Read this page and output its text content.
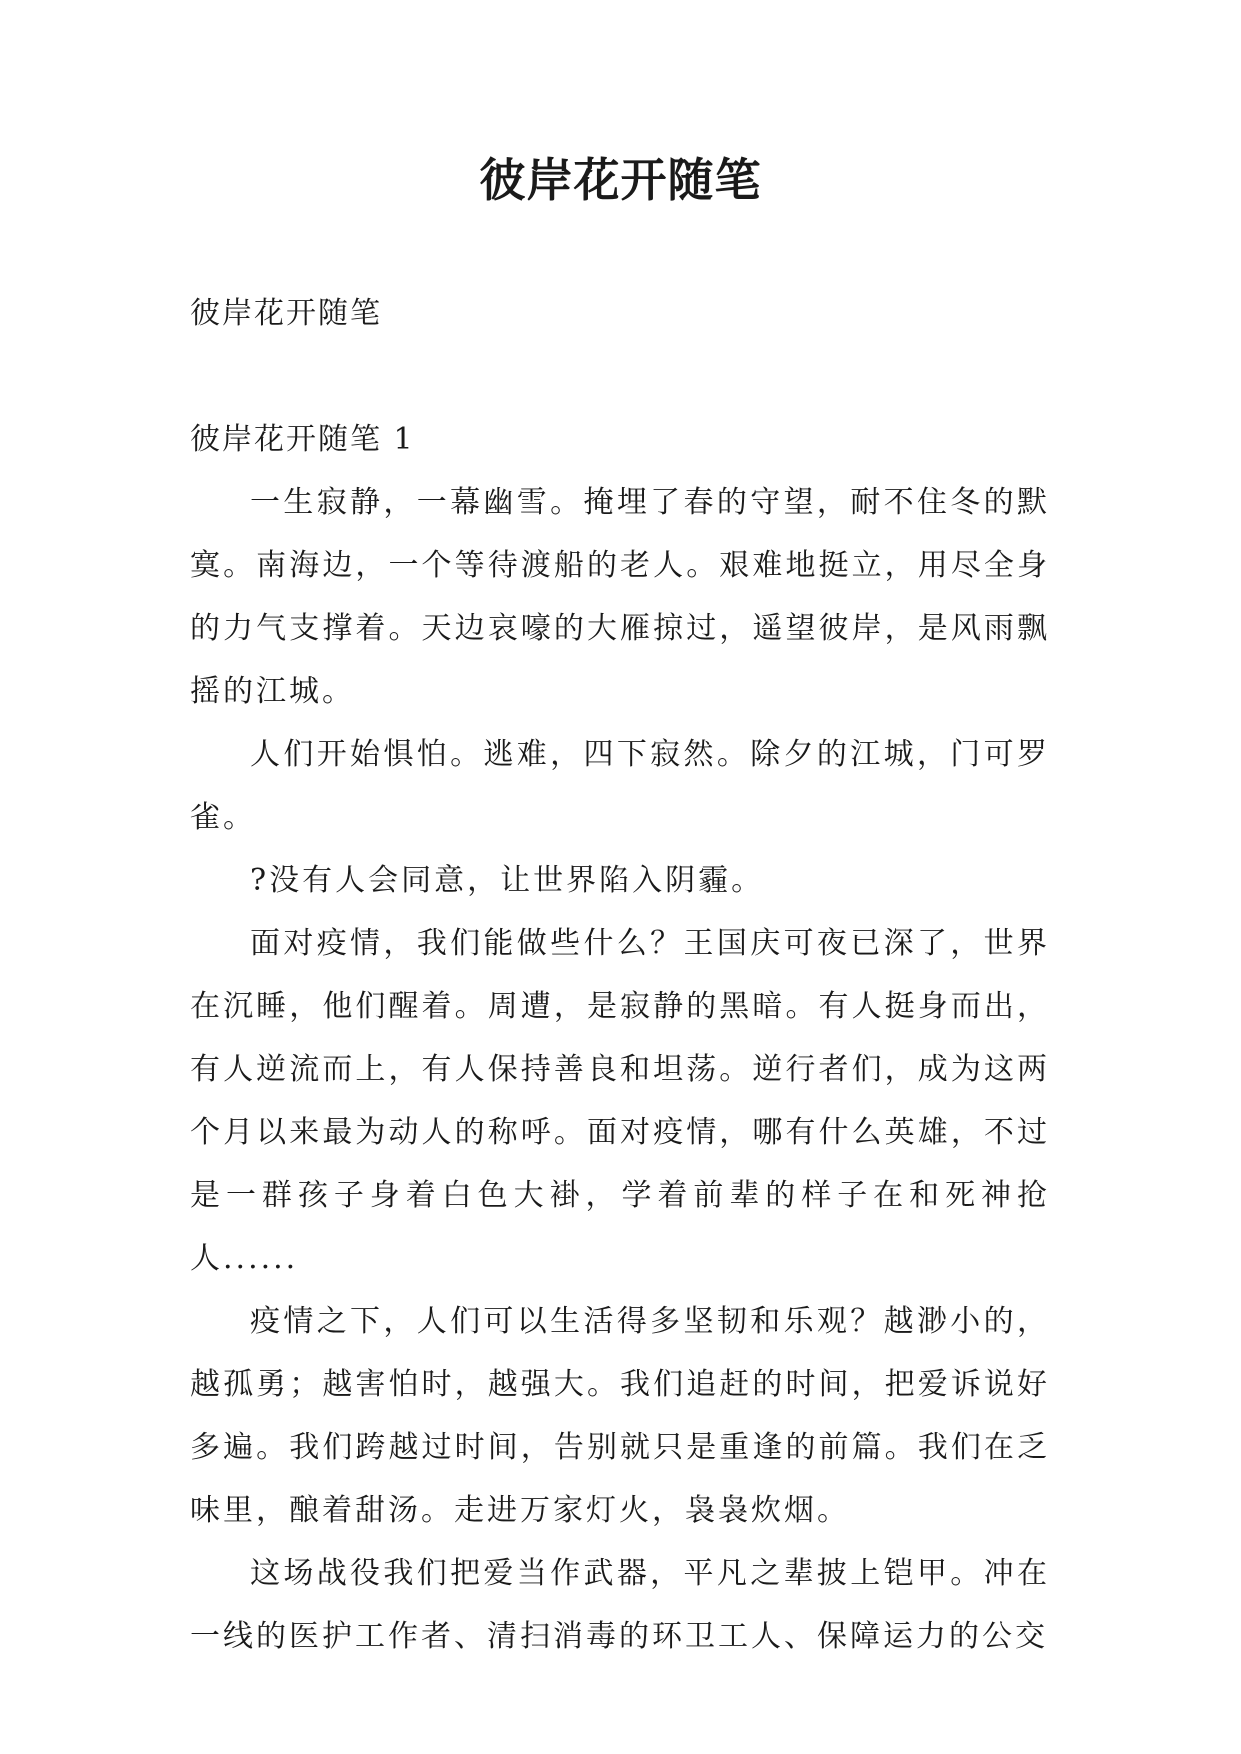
彼岸花开随笔

彼岸花开随笔

彼岸花开随笔 1

一生寂静，一幕幽雪。掩埋了春的守望，耐不住冬的默寞。南海边，一个等待渡船的老人。艰难地挺立，用尽全身的力气支撑着。天边哀嚎的大雁掠过，遥望彼岸，是风雨飘摇的江城。

人们开始惧怕。逃难，四下寂然。除夕的江城，门可罗雀。

?没有人会同意，让世界陷入阴霾。

面对疫情，我们能做些什么？王国庆可夜已深了，世界在沉睡，他们醒着。周遭，是寂静的黑暗。有人挺身而出，有人逆流而上，有人保持善良和坦荡。逆行者们，成为这两个月以来最为动人的称呼。面对疫情，哪有什么英雄，不过是一群孩子身着白色大褂，学着前辈的样子在和死神抢人......

疫情之下，人们可以生活得多坚韧和乐观？越渺小的，越孤勇；越害怕时，越强大。我们追赶的时间，把爱诉说好多遍。我们跨越过时间，告别就只是重逢的前篇。我们在乏味里，酿着甜汤。走进万家灯火，袅袅炊烟。

这场战役我们把爱当作武器，平凡之辈披上铠甲。冲在一线的医护工作者、清扫消毒的环卫工人、保障运力的公交
